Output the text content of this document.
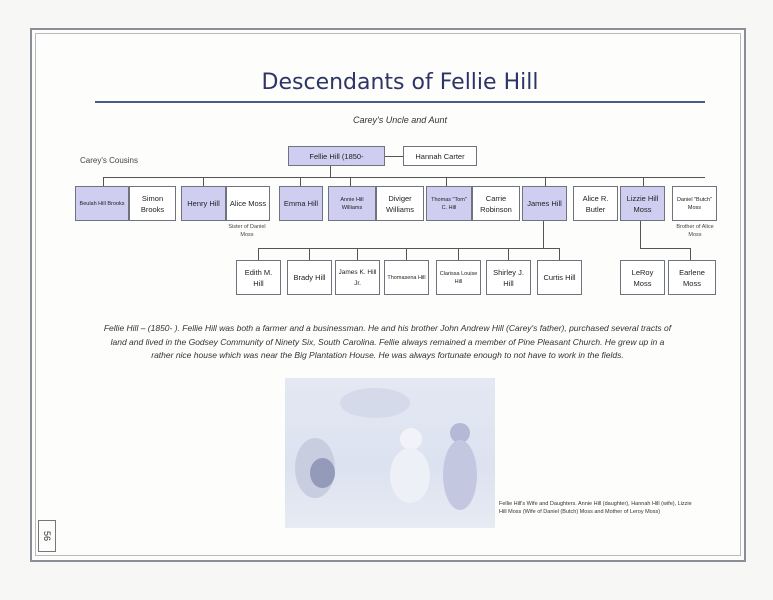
Descendants of Fellie Hill
Carey's Uncle and Aunt
Carey's Cousins	Fellie Hill (1850-	Hannah Carter
Beulah Hill Brooks
Simon Brooks
Henry Hill Alice Moss Emma Hill	Annie Hill Williams
Diviger Williams
Thomas "Tom" C. Hill
Carrie Robinson
James Hill
Alice R. Butler
Lizzie Hill Moss
Daniel "Butch" Moss
Sister of Daniel Moss
Brother of Alice Moss
Edith M. Hill
Brady Hill
James K. Hill Jr.
Thomasena Hill
Clarissa Louise Hill
Shirley J. Hill
Curtis Hill
LeRoy Moss
Earlene Moss
Fellie Hill – (1850- ). Fellie Hill was both a farmer and a businessman. He and his brother John Andrew Hill (Carey's father), purchased several tracts of land and lived in the Godsey Community of Ninety Six, South Carolina. Fellie always remained a member of Pine Pleasant Church. He grew up in a rather nice house which was near the Big Plantation House. He was always fortunate enough to not have to work in the fields.
Fellie Hill's Wife and Daughters. Annie Hill (daughter), Hannah Hill (wife), Lizzie Hill Moss (Wife of Daniel (Butch) Moss and Mother of Leroy Moss)
56
